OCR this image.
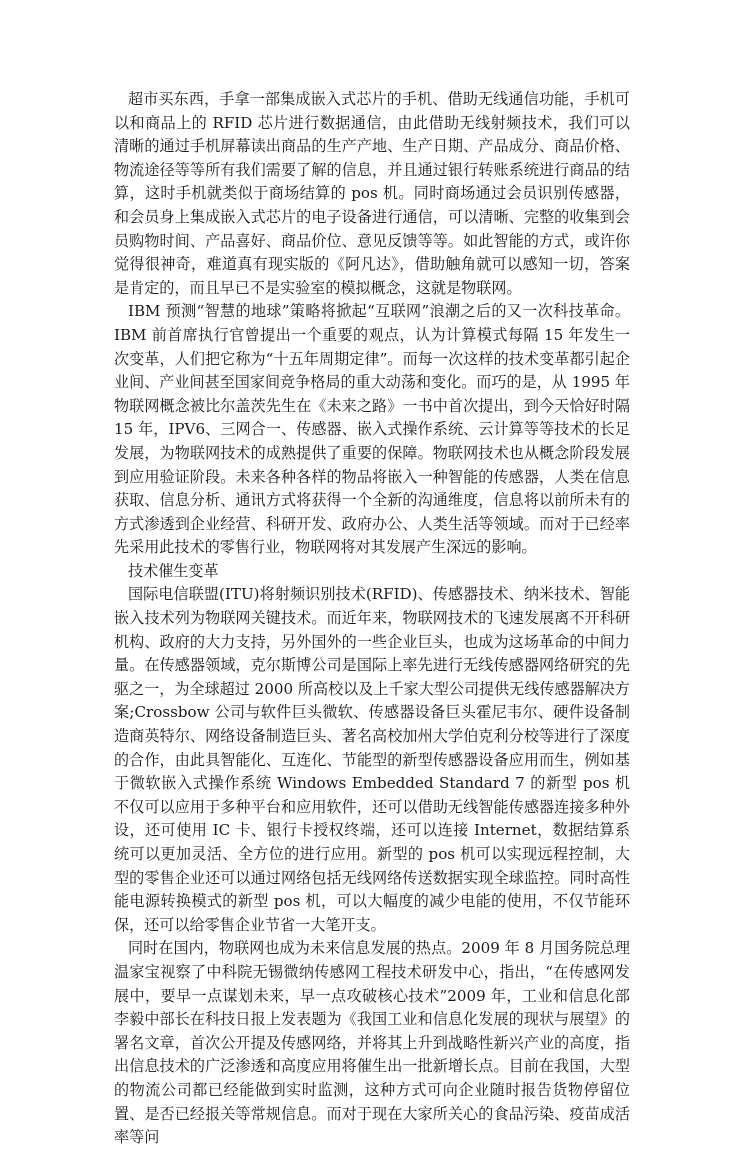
超市买东西，手拿一部集成嵌入式芯片的手机、借助无线通信功能，手机可以和商品上的 RFID 芯片进行数据通信，由此借助无线射频技术，我们可以清晰的通过手机屏幕读出商品的生产产地、生产日期、产品成分、商品价格、物流途径等等所有我们需要了解的信息，并且通过银行转账系统进行商品的结算，这时手机就类似于商场结算的 pos 机。同时商场通过会员识别传感器，和会员身上集成嵌入式芯片的电子设备进行通信，可以清晰、完整的收集到会员购物时间、产品喜好、商品价位、意见反馈等等。如此智能的方式，或许你觉得很神奇，难道真有现实版的《阿凡达》，借助触角就可以感知一切，答案是肯定的，而且早已不是实验室的模拟概念，这就是物联网。

IBM 预测“智慧的地球”策略将掀起“互联网”浪潮之后的又一次科技革命。IBM 前首席执行官曾提出一个重要的观点，认为计算模式每隔 15 年发生一次变革，人们把它称为“十五年周期定律”。而每一次这样的技术变革都引起企业间、产业间甚至国家间竞争格局的重大动荡和变化。而巧的是，从 1995 年物联网概念被比尔盖茨先生在《未来之路》一书中首次提出，到今天恰好时隔 15 年，IPV6、三网合一、传感器、嵌入式操作系统、云计算等等技术的长足发展，为物联网技术的成熟提供了重要的保障。物联网技术也从概念阶段发展到应用验证阶段。未来各种各样的物品将嵌入一种智能的传感器，人类在信息获取、信息分析、通讯方式将获得一个全新的沟通维度，信息将以前所未有的方式渗透到企业经营、科研开发、政府办公、人类生活等领域。而对于已经率先采用此技术的零售行业，物联网将对其发展产生深远的影响。

技术催生变革

国际电信联盟(ITU)将射频识别技术(RFID)、传感器技术、纳米技术、智能嵌入技术列为物联网关键技术。而近年来，物联网技术的飞速发展离不开科研机构、政府的大力支持，另外国外的一些企业巨头，也成为这场革命的中间力量。在传感器领域，克尔斯博公司是国际上率先进行无线传感器网络研究的先驱之一，为全球超过 2000 所高校以及上千家大型公司提供无线传感器解决方案;Crossbow 公司与软件巨头微软、传感器设备巨头霍尼韦尔、硬件设备制造商英特尔、网络设备制造巨头、著名高校加州大学伯克利分校等进行了深度的合作，由此具智能化、互连化、节能型的新型传感器设备应用而生，例如基于微软嵌入式操作系统 Windows Embedded Standard 7 的新型 pos 机不仅可以应用于多种平台和应用软件，还可以借助无线智能传感器连接多种外设，还可使用 IC 卡、银行卡授权终端，还可以连接 Internet，数据结算系统可以更加灵活、全方位的进行应用。新型的 pos 机可以实现远程控制，大型的零售企业还可以通过网络包括无线网络传送数据实现全球监控。同时高性能电源转换模式的新型 pos 机，可以大幅度的减少电能的使用，不仅节能环保，还可以给零售企业节省一大笔开支。

同时在国内，物联网也成为未来信息发展的热点。2009 年 8 月国务院总理温家宝视察了中科院无锡微纳传感网工程技术研发中心，指出，“在传感网发展中，要早一点谋划未来，早一点攻破核心技术”2009 年，工业和信息化部李毅中部长在科技日报上发表题为《我国工业和信息化发展的现状与展望》的署名文章，首次公开提及传感网络，并将其上升到战略性新兴产业的高度，指出信息技术的广泛渗透和高度应用将催生出一批新增长点。目前在我国，大型的物流公司都已经能做到实时监测，这种方式可向企业随时报告货物停留位置、是否已经报关等常规信息。而对于现在大家所关心的食品污染、疫苗成活率等问
